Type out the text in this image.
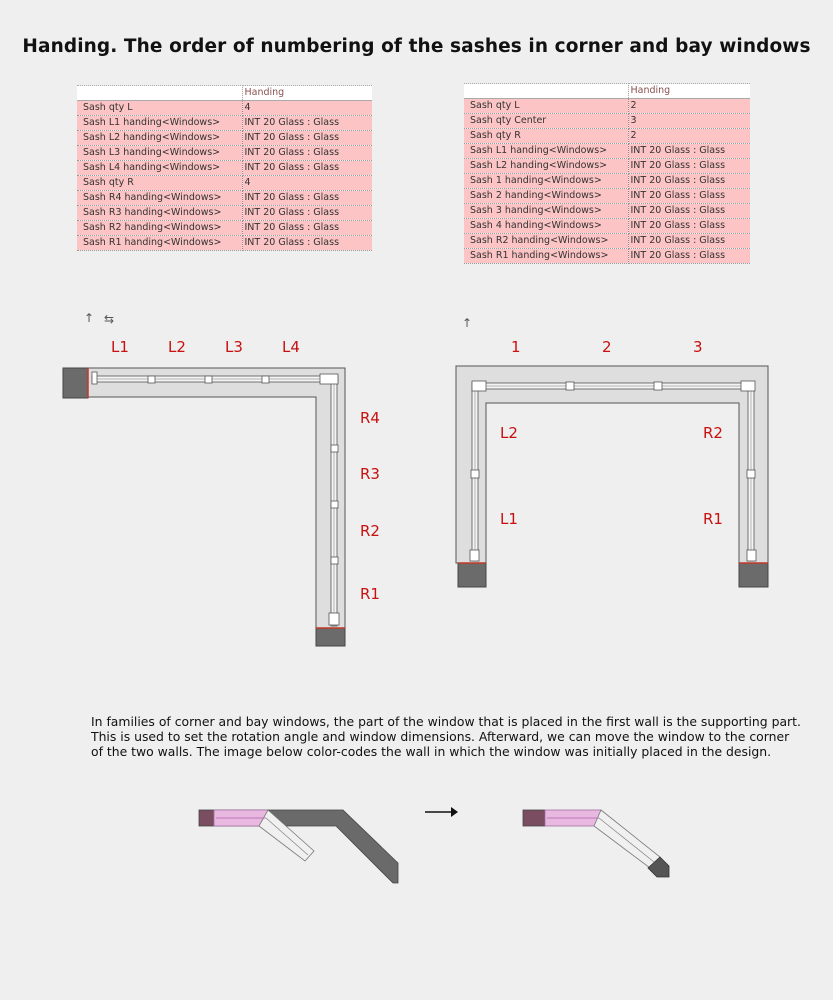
Handing. The order of numbering of the sashes in corner and bay windows
	Handing
Sash qty L	4
Sash L1 handing<Windows>	INT 20 Glass : Glass
Sash L2 handing<Windows>	INT 20 Glass : Glass
Sash L3 handing<Windows>	INT 20 Glass : Glass
Sash L4 handing<Windows>	INT 20 Glass : Glass
Sash qty R	4
Sash R4 handing<Windows>	INT 20 Glass : Glass
Sash R3 handing<Windows>	INT 20 Glass : Glass
Sash R2 handing<Windows>	INT 20 Glass : Glass
Sash R1 handing<Windows>	INT 20 Glass : Glass
	Handing
Sash qty L	2
Sash qty Center	3
Sash qty R	2
Sash L1 handing<Windows>	INT 20 Glass : Glass
Sash L2 handing<Windows>	INT 20 Glass : Glass
Sash 1 handing<Windows>	INT 20 Glass : Glass
Sash 2 handing<Windows>	INT 20 Glass : Glass
Sash 3 handing<Windows>	INT 20 Glass : Glass
Sash 4 handing<Windows>	INT 20 Glass : Glass
Sash R2 handing<Windows>	INT 20 Glass : Glass
Sash R1 handing<Windows>	INT 20 Glass : Glass
↑ ⇆
L1	L2	L3	L4
R4
R3
R2
R1
↑
1	2	3
L2
L1
R2
R1
In families of corner and bay windows, the part of the window that is placed in the first wall is the supporting part.
This is used to set the rotation angle and window dimensions. Afterward, we can move the window to the corner
of the two walls. The image below color-codes the wall in which the window was initially placed in the design.
